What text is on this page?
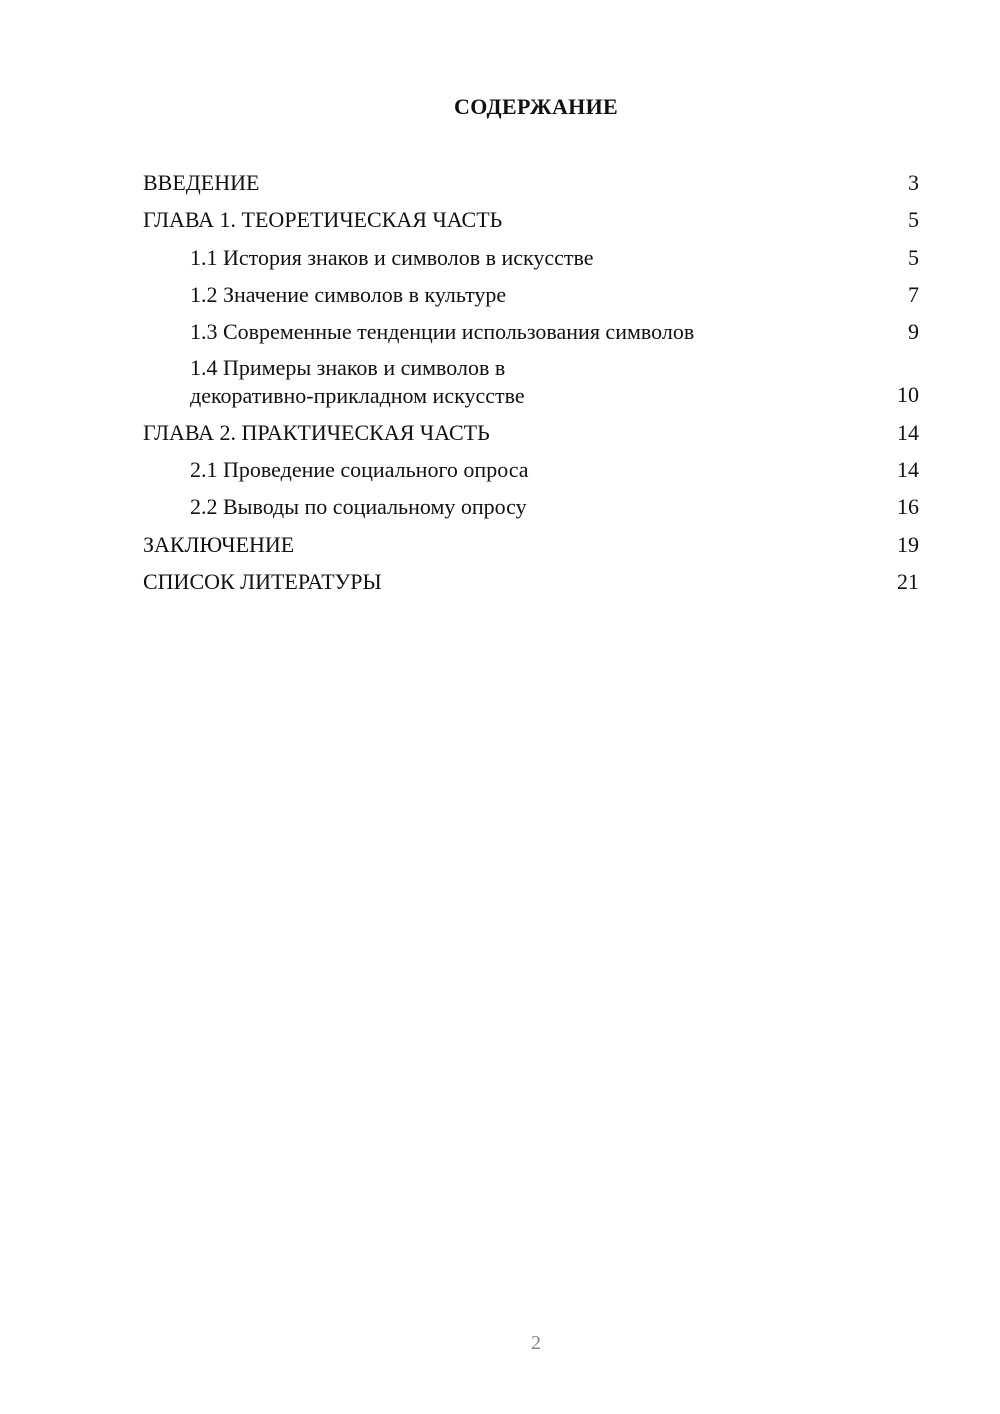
СОДЕРЖАНИЕ
ВВЕДЕНИЕ	3
ГЛАВА 1. ТЕОРЕТИЧЕСКАЯ ЧАСТЬ	5
1.1 История знаков и символов в искусстве	5
1.2 Значение символов в культуре	7
1.3 Современные тенденции использования символов	9
1.4 Примеры знаков и символов в
декоративно-прикладном искусстве	10
ГЛАВА 2. ПРАКТИЧЕСКАЯ ЧАСТЬ	14
2.1 Проведение социального опроса	14
2.2 Выводы по социальному опросу	16
ЗАКЛЮЧЕНИЕ	19
СПИСОК ЛИТЕРАТУРЫ	21
2
